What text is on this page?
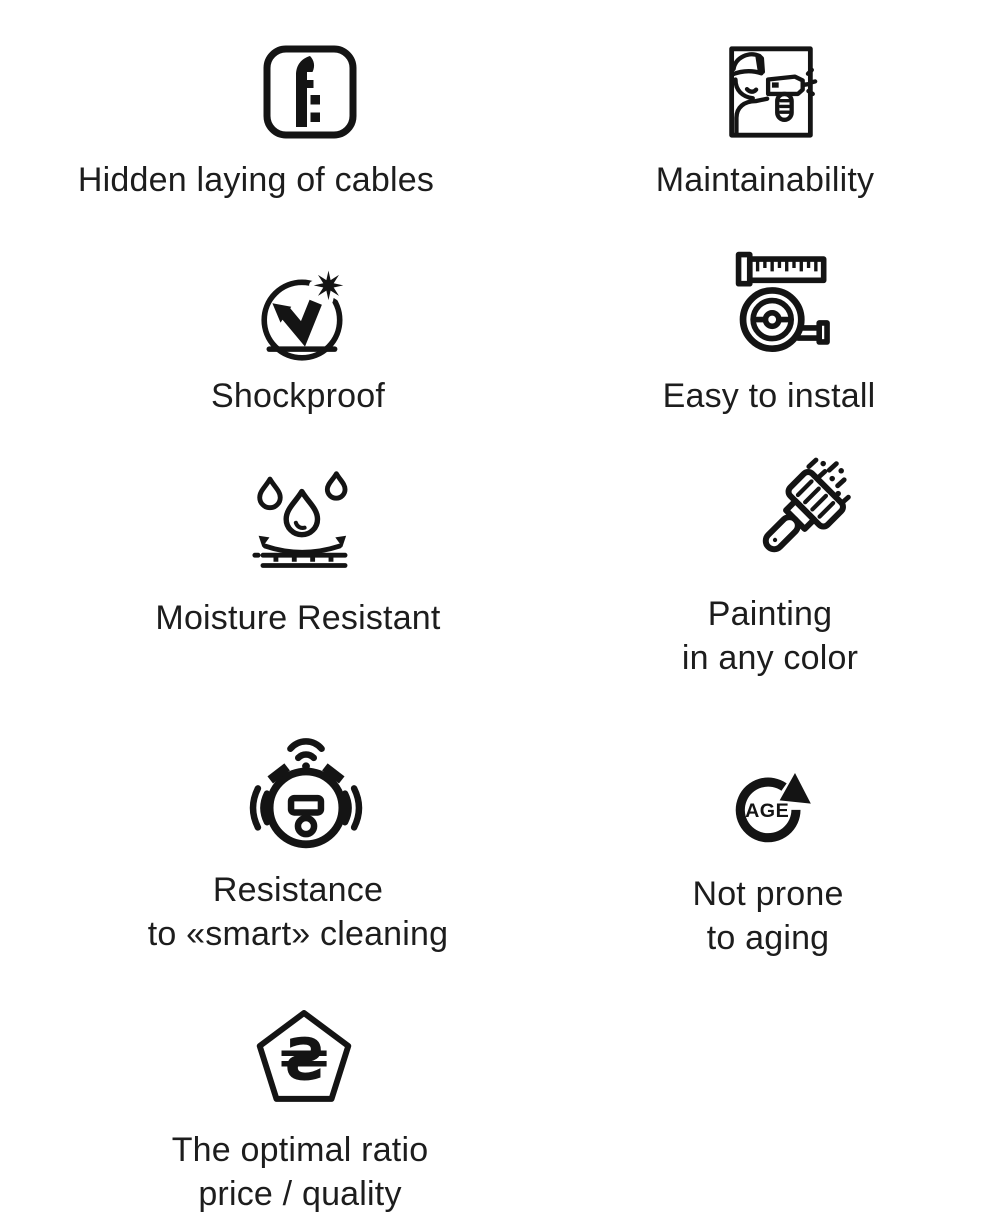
Hidden laying of cables	Maintainability
Shockproof	Easy to install
Moisture Resistant	Painting
in any color
Resistance
to «smart» cleaning
AGE
Not prone
to aging
₴
The optimal ratio
price / quality
